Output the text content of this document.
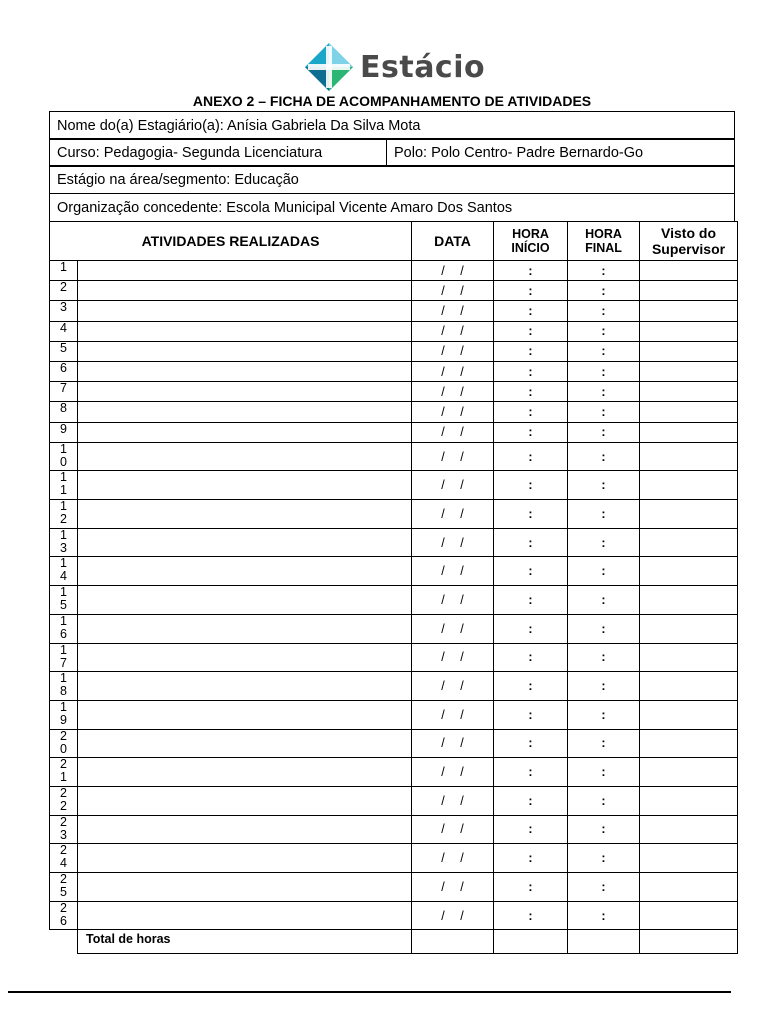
Estácio
ANEXO 2 – FICHA DE ACOMPANHAMENTO DE ATIVIDADES
Nome do(a) Estagiário(a): Anísia Gabriela Da Silva Mota
Curso: Pedagogia- Segunda Licenciatura	Polo: Polo Centro- Padre Bernardo-Go
Estágio na área/segmento: Educação
Organização concedente: Escola Municipal Vicente Amaro Dos Santos
ATIVIDADES REALIZADAS		DATA	HORA INÍCIO	HORA FINAL	Visto do Supervisor

1		/ /	:	:	

2		/ /	:	:	

3		/ /	:	:	

4		/ /	:	:	

5		/ /	:	:	

6		/ /	:	:	

7		/ /	:	:	

8		/ /	:	:	

9		/ /	:	:	

10		/ /	:	:	

11		/ /	:	:	

12		/ /	:	:	

13		/ /	:	:	

14		/ /	:	:	

15		/ /	:	:	

16		/ /	:	:	

17		/ /	:	:	

18		/ /	:	:	

19		/ /	:	:	

20		/ /	:	:	

21		/ /	:	:	

22		/ /	:	:	

23		/ /	:	:	

24		/ /	:	:	

25		/ /	:	:	

26		/ /	:	:	
	Total de horas				
